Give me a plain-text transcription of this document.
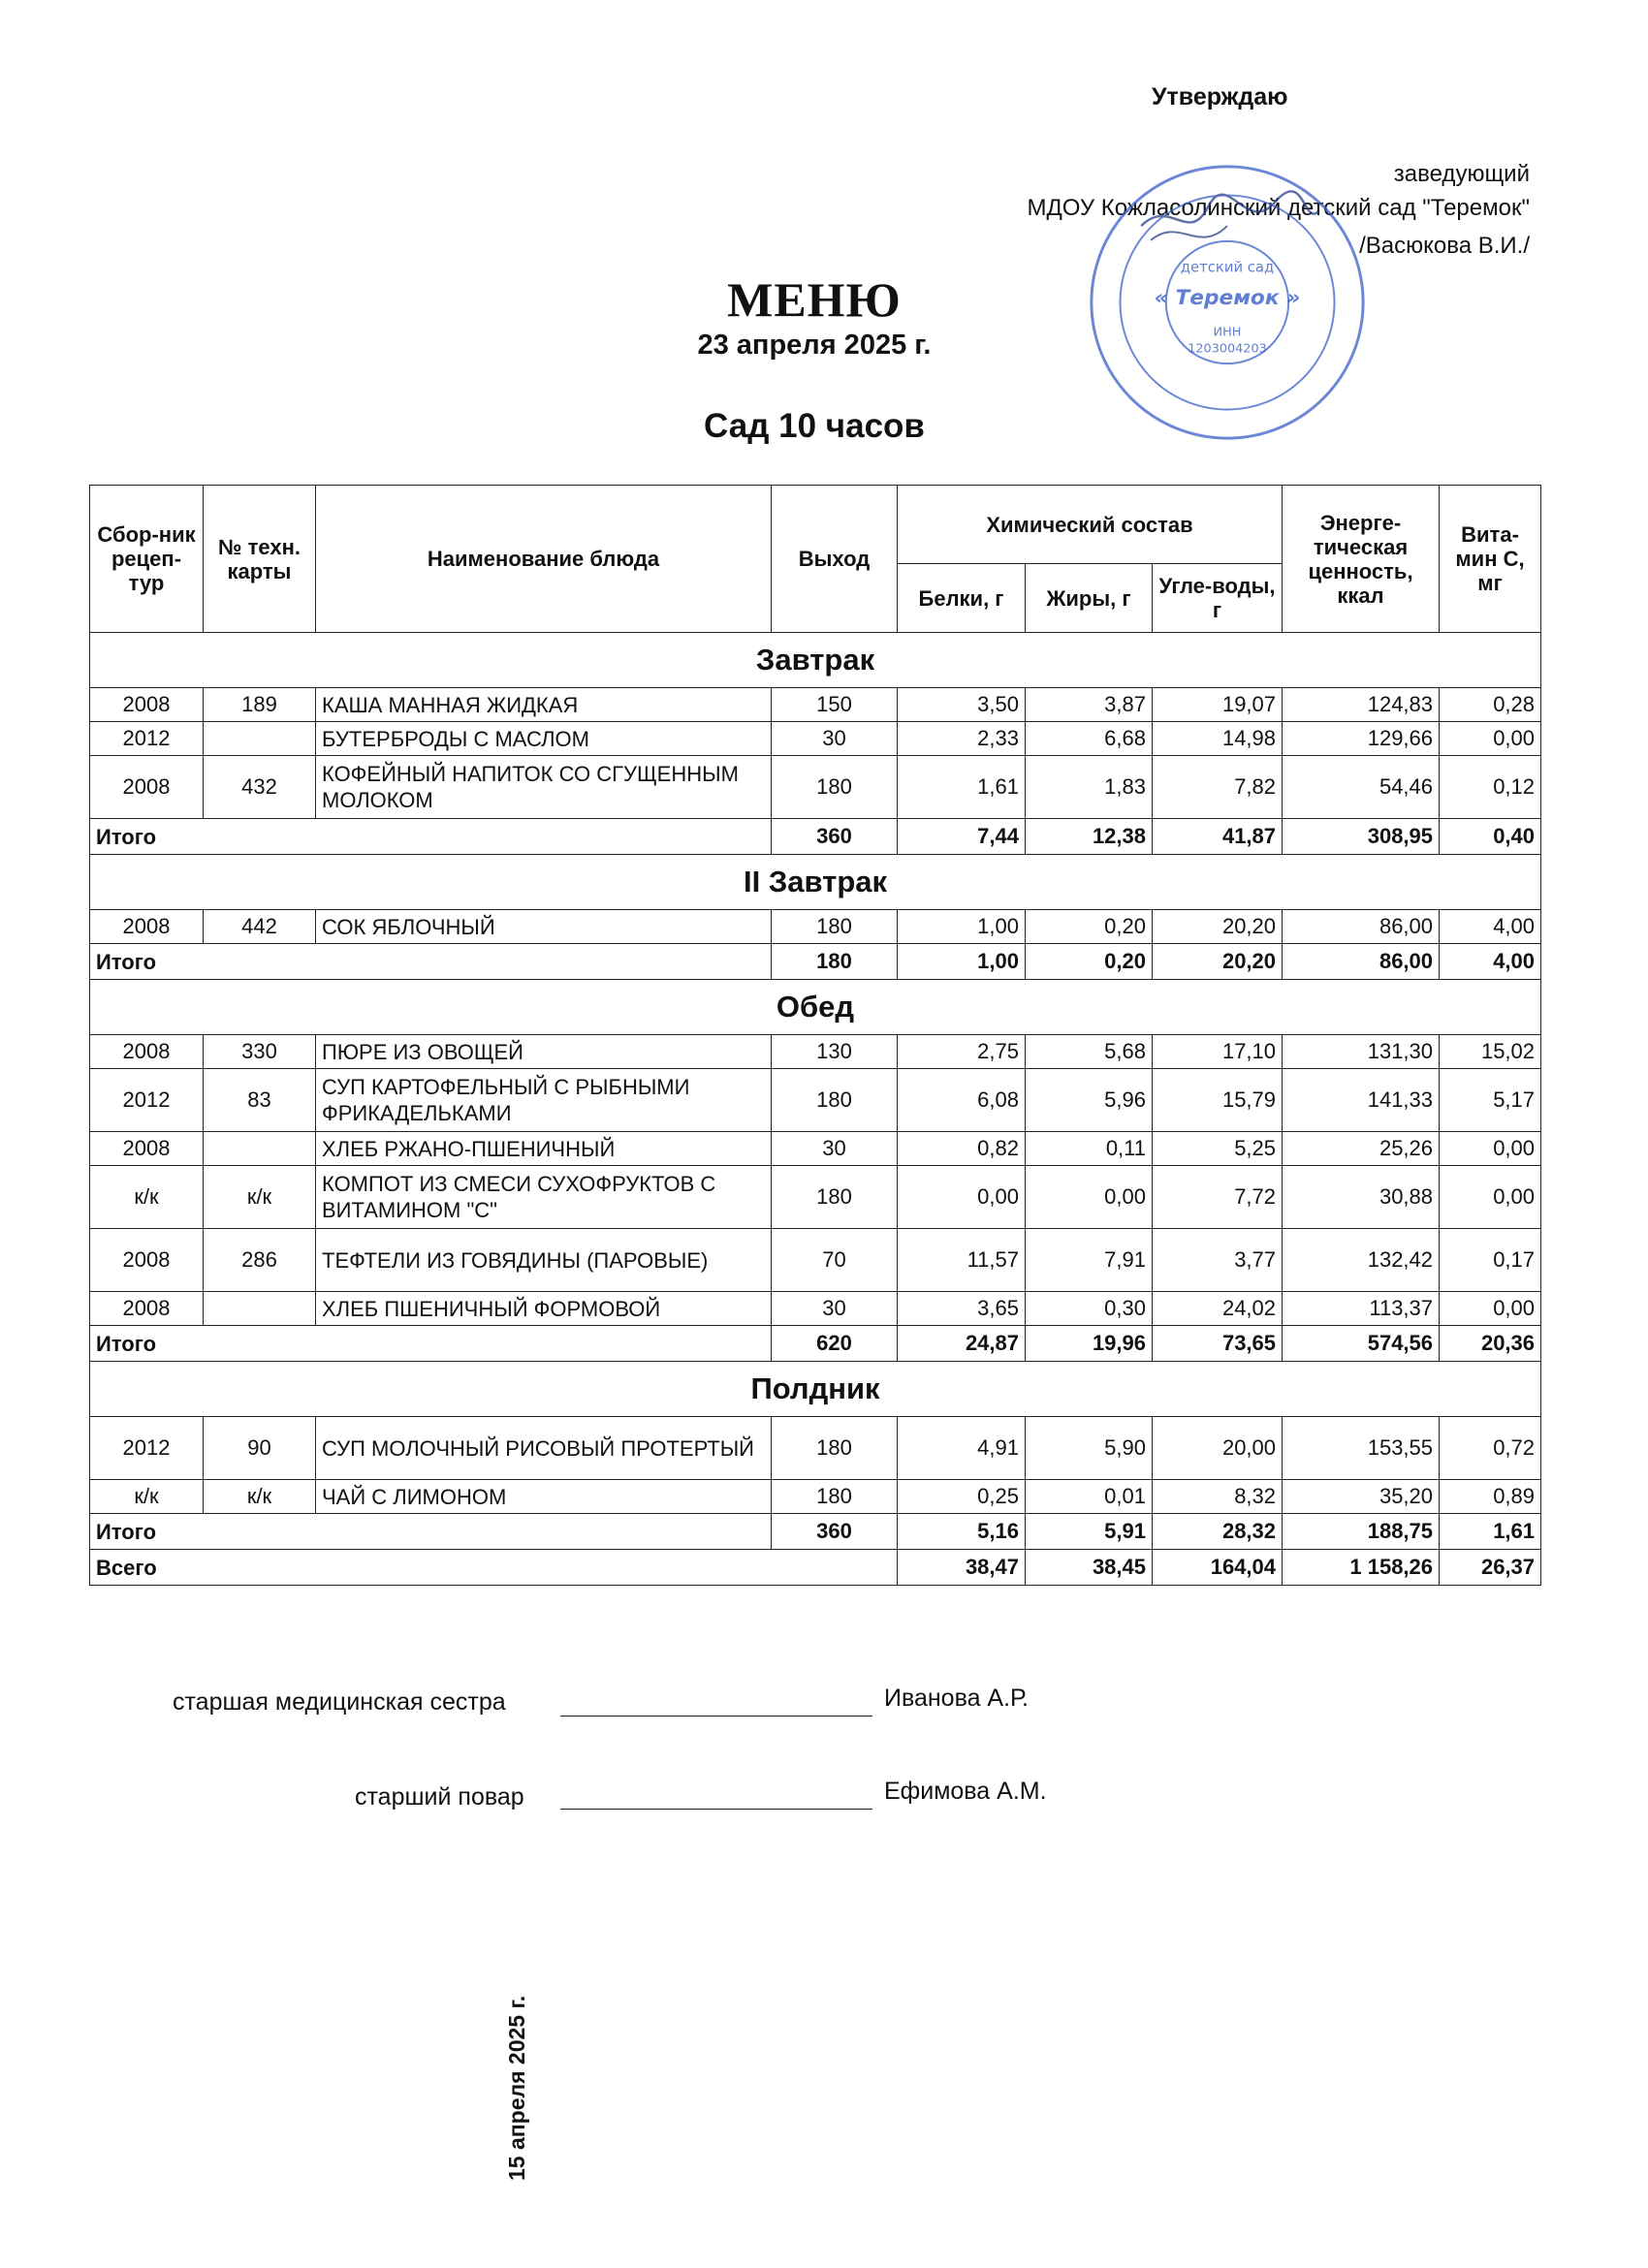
Утверждаю
заведующий
МДОУ Кожласолинский детский сад "Теремок"
/Васюкова В.И./
детский сад
« Теремок »
ИНН
1203004203
МЕНЮ
23 апреля 2025 г.
Сад 10 часов
Сбор-ник рецеп-тур	№ техн. карты	Наименование блюда	Выход	Химический состав			Энерге-тическая ценность, ккал	Вита-мин С, мг
				Белки, г	Жиры, г	Угле-воды, г		
Завтрак								
2008	189	КАША МАННАЯ ЖИДКАЯ	150	3,50	3,87	19,07	124,83	0,28
2012		БУТЕРБРОДЫ С МАСЛОМ	30	2,33	6,68	14,98	129,66	0,00
2008	432	КОФЕЙНЫЙ НАПИТОК СО СГУЩЕННЫМ МОЛОКОМ	180	1,61	1,83	7,82	54,46	0,12
Итого			360	7,44	12,38	41,87	308,95	0,40
II Завтрак								
2008	442	СОК ЯБЛОЧНЫЙ	180	1,00	0,20	20,20	86,00	4,00
Итого			180	1,00	0,20	20,20	86,00	4,00
Обед								
2008	330	ПЮРЕ ИЗ ОВОЩЕЙ	130	2,75	5,68	17,10	131,30	15,02
2012	83	СУП КАРТОФЕЛЬНЫЙ С РЫБНЫМИ ФРИКАДЕЛЬКАМИ	180	6,08	5,96	15,79	141,33	5,17
2008		ХЛЕБ РЖАНО-ПШЕНИЧНЫЙ	30	0,82	0,11	5,25	25,26	0,00
к/к	к/к	КОМПОТ ИЗ СМЕСИ СУХОФРУКТОВ С ВИТАМИНОМ "С"	180	0,00	0,00	7,72	30,88	0,00
2008	286	ТЕФТЕЛИ ИЗ ГОВЯДИНЫ (ПАРОВЫЕ)	70	11,57	7,91	3,77	132,42	0,17
2008		ХЛЕБ ПШЕНИЧНЫЙ ФОРМОВОЙ	30	3,65	0,30	24,02	113,37	0,00
Итого			620	24,87	19,96	73,65	574,56	20,36
Полдник								
2012	90	СУП МОЛОЧНЫЙ РИСОВЫЙ ПРОТЕРТЫЙ	180	4,91	5,90	20,00	153,55	0,72
к/к	к/к	ЧАЙ С ЛИМОНОМ	180	0,25	0,01	8,32	35,20	0,89
Итого			360	5,16	5,91	28,32	188,75	1,61
Всего				38,47	38,45	164,04	1 158,26	26,37
старшая медицинская сестра	Иванова А.Р.
старший повар	Ефимова А.М.
15 апреля 2025 г.
